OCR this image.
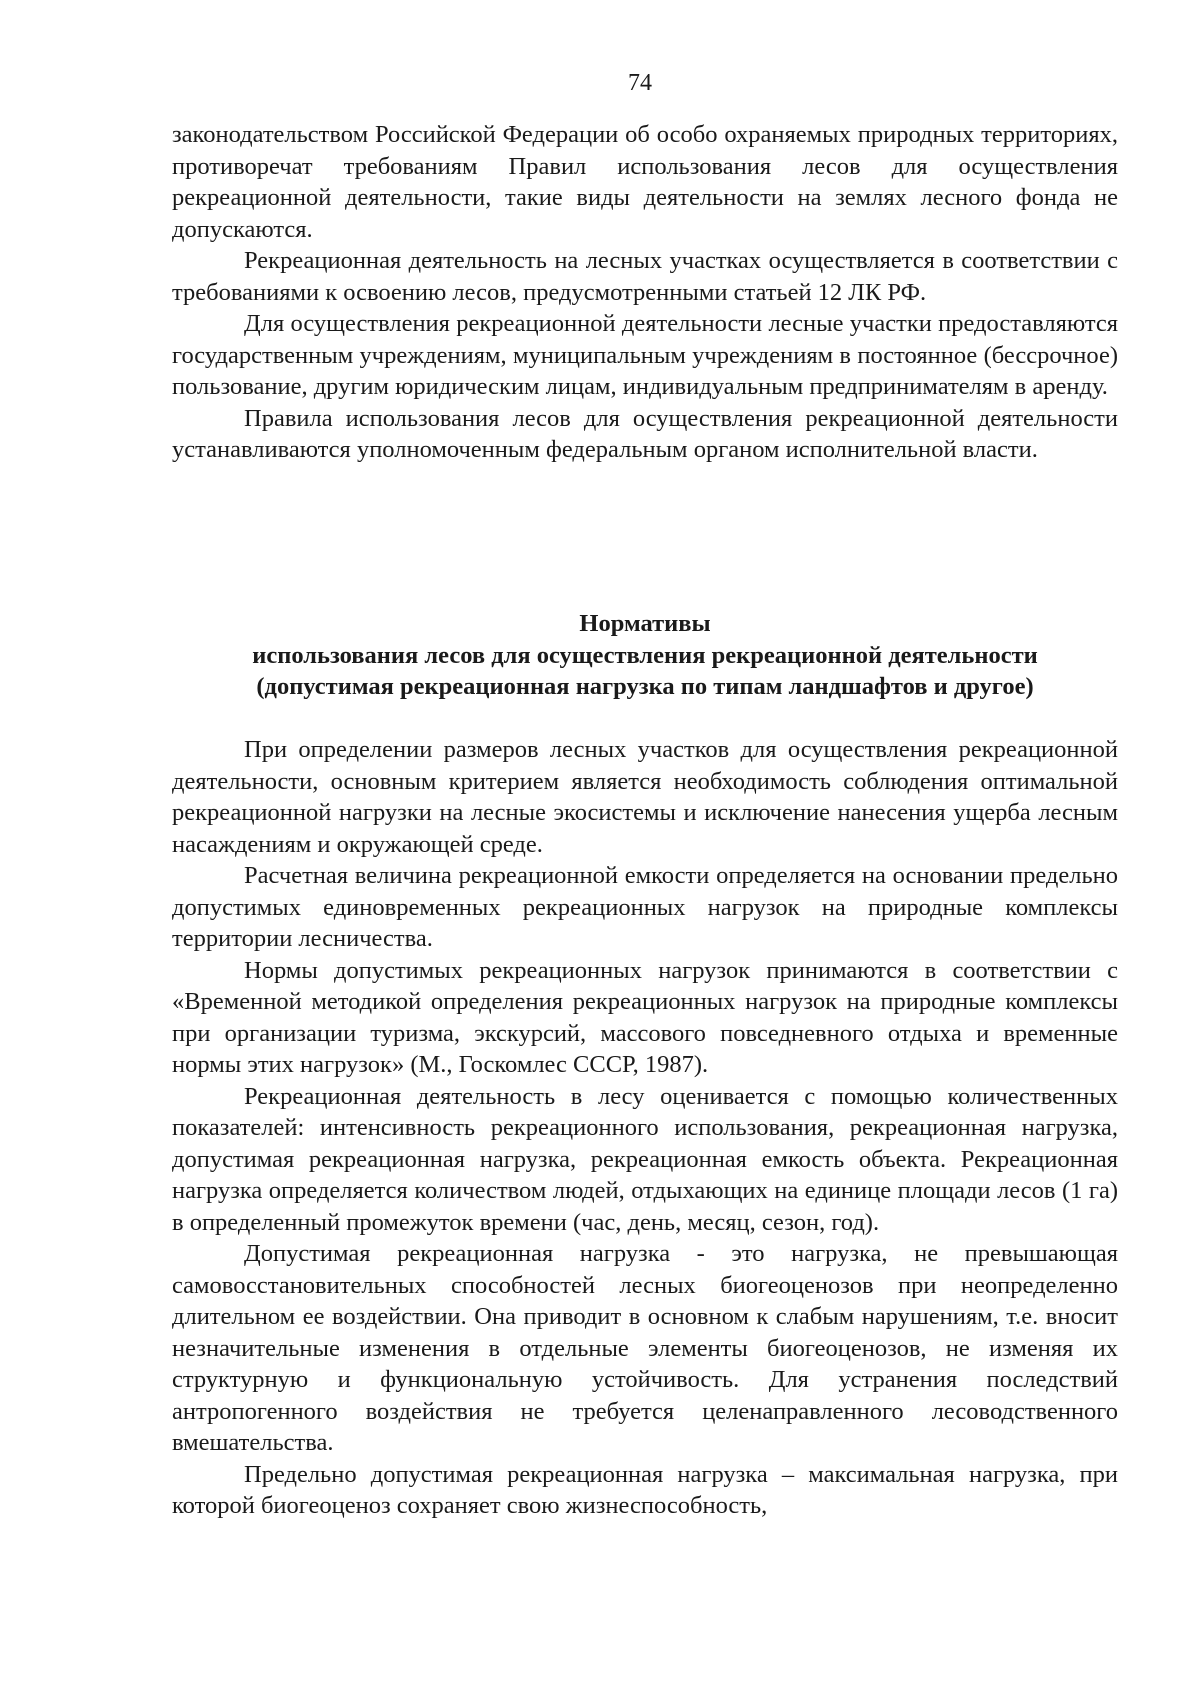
74

законодательством Российской Федерации об особо охраняемых природных территориях, противоречат требованиям Правил использования лесов для осуществления рекреационной деятельности, такие виды деятельности на землях лесного фонда не допускаются.

Рекреационная деятельность на лесных участках осуществляется в соответствии с требованиями к освоению лесов, предусмотренными статьей 12 ЛК РФ.

Для осуществления рекреационной деятельности лесные участки предоставляются государственным учреждениям, муниципальным учреждениям в постоянное (бессрочное) пользование, другим юридическим лицам, индивидуальным предпринимателям в аренду.

Правила использования лесов для осуществления рекреационной деятельности устанавливаются уполномоченным федеральным органом исполнительной власти.

Нормативы
использования лесов для осуществления рекреационной деятельности
(допустимая рекреационная нагрузка по типам ландшафтов и другое)

При определении размеров лесных участков для осуществления рекреационной деятельности, основным критерием является необходимость соблюдения оптимальной рекреационной нагрузки на лесные экосистемы и исключение нанесения ущерба лесным насаждениям и окружающей среде.

Расчетная величина рекреационной емкости определяется на основании предельно допустимых единовременных рекреационных нагрузок на природные комплексы территории лесничества.

Нормы допустимых рекреационных нагрузок принимаются в соответствии с «Временной методикой определения рекреационных нагрузок на природные комплексы при организации туризма, экскурсий, массового повседневного отдыха и временные нормы этих нагрузок» (М., Госкомлес СССР, 1987).

Рекреационная деятельность в лесу оценивается с помощью количественных показателей: интенсивность рекреационного использования, рекреационная нагрузка, допустимая рекреационная нагрузка, рекреационная емкость объекта. Рекреационная нагрузка определяется количеством людей, отдыхающих на единице площади лесов (1 га) в определенный промежуток времени (час, день, месяц, сезон, год).

Допустимая рекреационная нагрузка - это нагрузка, не превышающая самовосстановительных способностей лесных биогеоценозов при неопределенно длительном ее воздействии. Она приводит в основном к слабым нарушениям, т.е. вносит незначительные изменения в отдельные элементы биогеоценозов, не изменяя их структурную и функциональную устойчивость. Для устранения последствий антропогенного воздействия не требуется целенаправленного лесоводственного вмешательства.

Предельно допустимая рекреационная нагрузка – максимальная нагрузка, при которой биогеоценоз сохраняет свою жизнеспособность,
